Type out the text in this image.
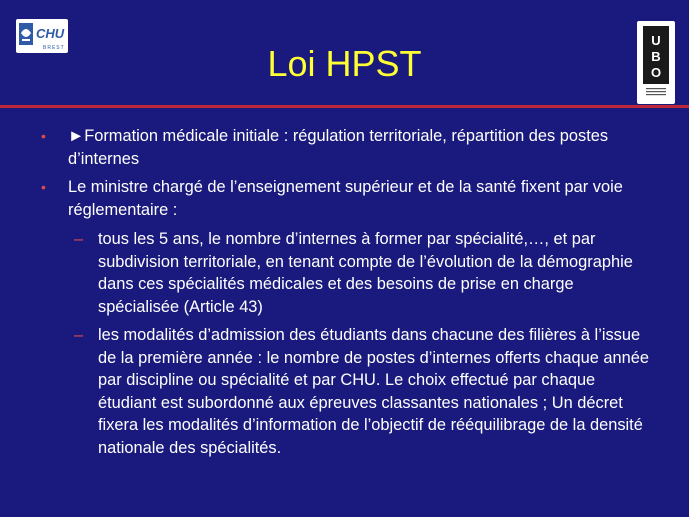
CHU
BREST	U
B
O
Loi HPST
• ►Formation médicale initiale : régulation territoriale, répartition des postes d’internes
• Le ministre chargé de l’enseignement supérieur et de la santé fixent par voie réglementaire :
– tous les 5 ans, le nombre d’internes à former par spécialité,…, et par subdivision territoriale, en tenant compte de l’évolution de la démographie dans ces spécialités médicales et des besoins de prise en charge spécialisée (Article 43)
– les modalités d’admission des étudiants dans chacune des filières à l’issue de la première année : le nombre de postes d’internes offerts chaque année par discipline ou spécialité et par CHU. Le choix effectué par chaque étudiant est subordonné aux épreuves classantes nationales ; Un décret fixera les modalités d’information de l’objectif de rééquilibrage de la densité nationale des spécialités.
